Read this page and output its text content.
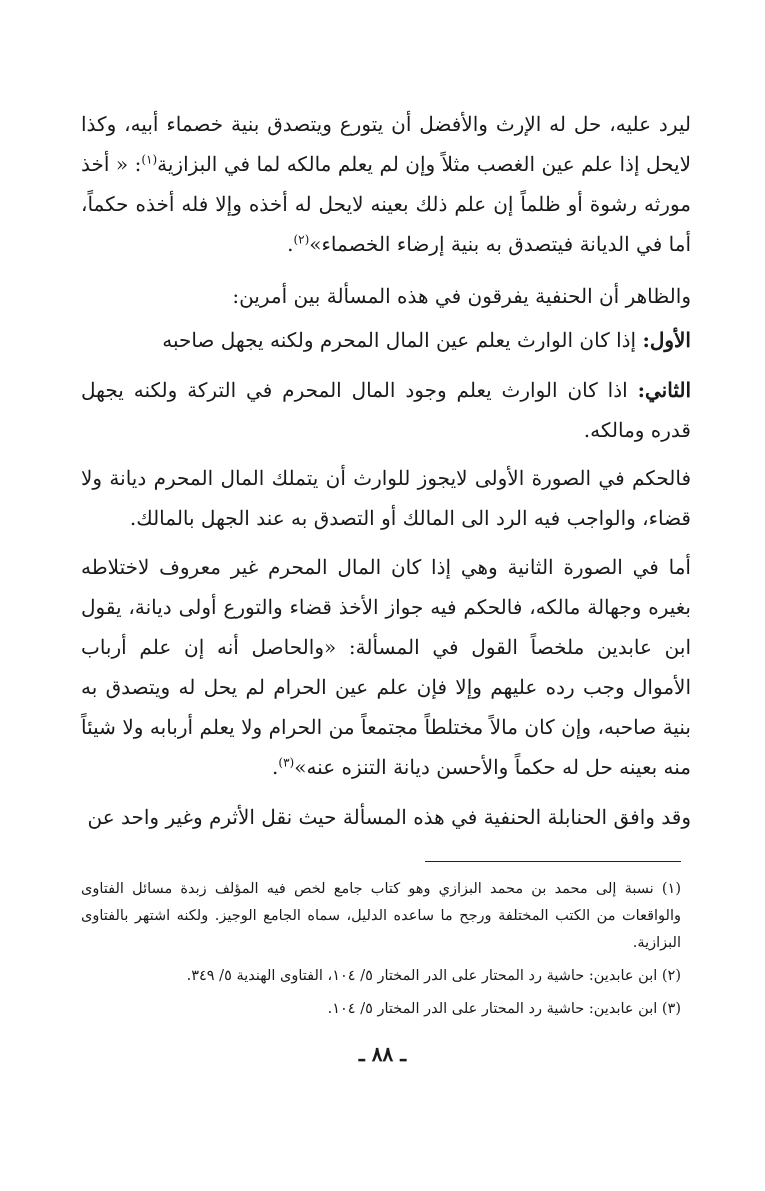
ليرد عليه، حل له الإرث والأفضل أن يتورع ويتصدق بنية خصماء أبيه، وكذا لايحل إذا علم عين الغصب مثلاً وإن لم يعلم مالكه لما في البزازية$^{(١)}$: « أخذ مورثه رشوة أو ظلماً إن علم ذلك بعينه لايحل له أخذه وإلا فله أخذه حكماً، أما في الديانة فيتصدق به بنية إرضاء الخصماء»$^{(٢)}$.

والظاهر أن الحنفية يفرقون في هذه المسألة بين أمرين:

الأول: إذا كان الوارث يعلم عين المال المحرم ولكنه يجهل صاحبه

الثاني: اذا كان الوارث يعلم وجود المال المحرم في التركة ولكنه يجهل قدره ومالكه.

فالحكم في الصورة الأولى لايجوز للوارث أن يتملك المال المحرم ديانة ولا قضاء، والواجب فيه الرد الى المالك أو التصدق به عند الجهل بالمالك.

أما في الصورة الثانية وهي إذا كان المال المحرم غير معروف لاختلاطه بغيره وجهالة مالكه، فالحكم فيه جواز الأخذ قضاء والتورع أولى ديانة، يقول ابن عابدين ملخصاً القول في المسألة: «والحاصل أنه إن علم أرباب الأموال وجب رده عليهم وإلا فإن علم عين الحرام لم يحل له ويتصدق به بنية صاحبه، وإن كان مالاً مختلطاً مجتمعاً من الحرام ولا يعلم أربابه ولا شيئاً منه بعينه حل له حكماً والأحسن ديانة التنزه عنه»$^{(٣)}$.

وقد وافق الحنابلة الحنفية في هذه المسألة حيث نقل الأثرم وغير واحد عن

(١) نسبة إلى محمد بن محمد البزازي وهو كتاب جامع لخص فيه المؤلف زبدة مسائل الفتاوى والواقعات من الكتب المختلفة ورجح ما ساعده الدليل، سماه الجامع الوجيز. ولكنه اشتهر بالفتاوى البزازية.

(٢) ابن عابدين: حاشية رد المحتار على الدر المختار ٥/ ١٠٤، الفتاوى الهندية ٥/ ٣٤٩.

(٣) ابن عابدين: حاشية رد المحتار على الدر المختار ٥/ ١٠٤.

ـ ٨٨ ـ
